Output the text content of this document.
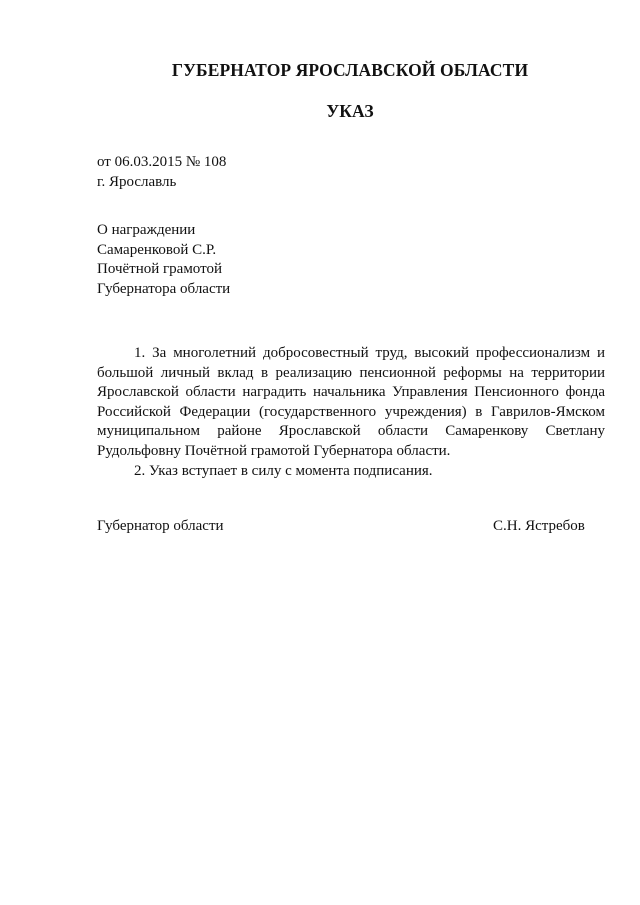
ГУБЕРНАТОР ЯРОСЛАВСКОЙ ОБЛАСТИ
УКАЗ
от 06.03.2015 № 108
г. Ярославль
О награждении
Самаренковой С.Р.
Почётной грамотой
Губернатора области

1. За многолетний добросовестный труд, высокий профессионализм и большой личный вклад в реализацию пенсионной реформы на территории Ярославской области наградить начальника Управления Пенсионного фонда Российской Федерации (государственного учреждения) в Гаврилов-Ямском муниципальном районе Ярославской области Самаренкову Светлану Рудольфовну Почётной грамотой Губернатора области.

2. Указ вступает в силу с момента подписания.

Губернатор области	С.Н. Ястребов
